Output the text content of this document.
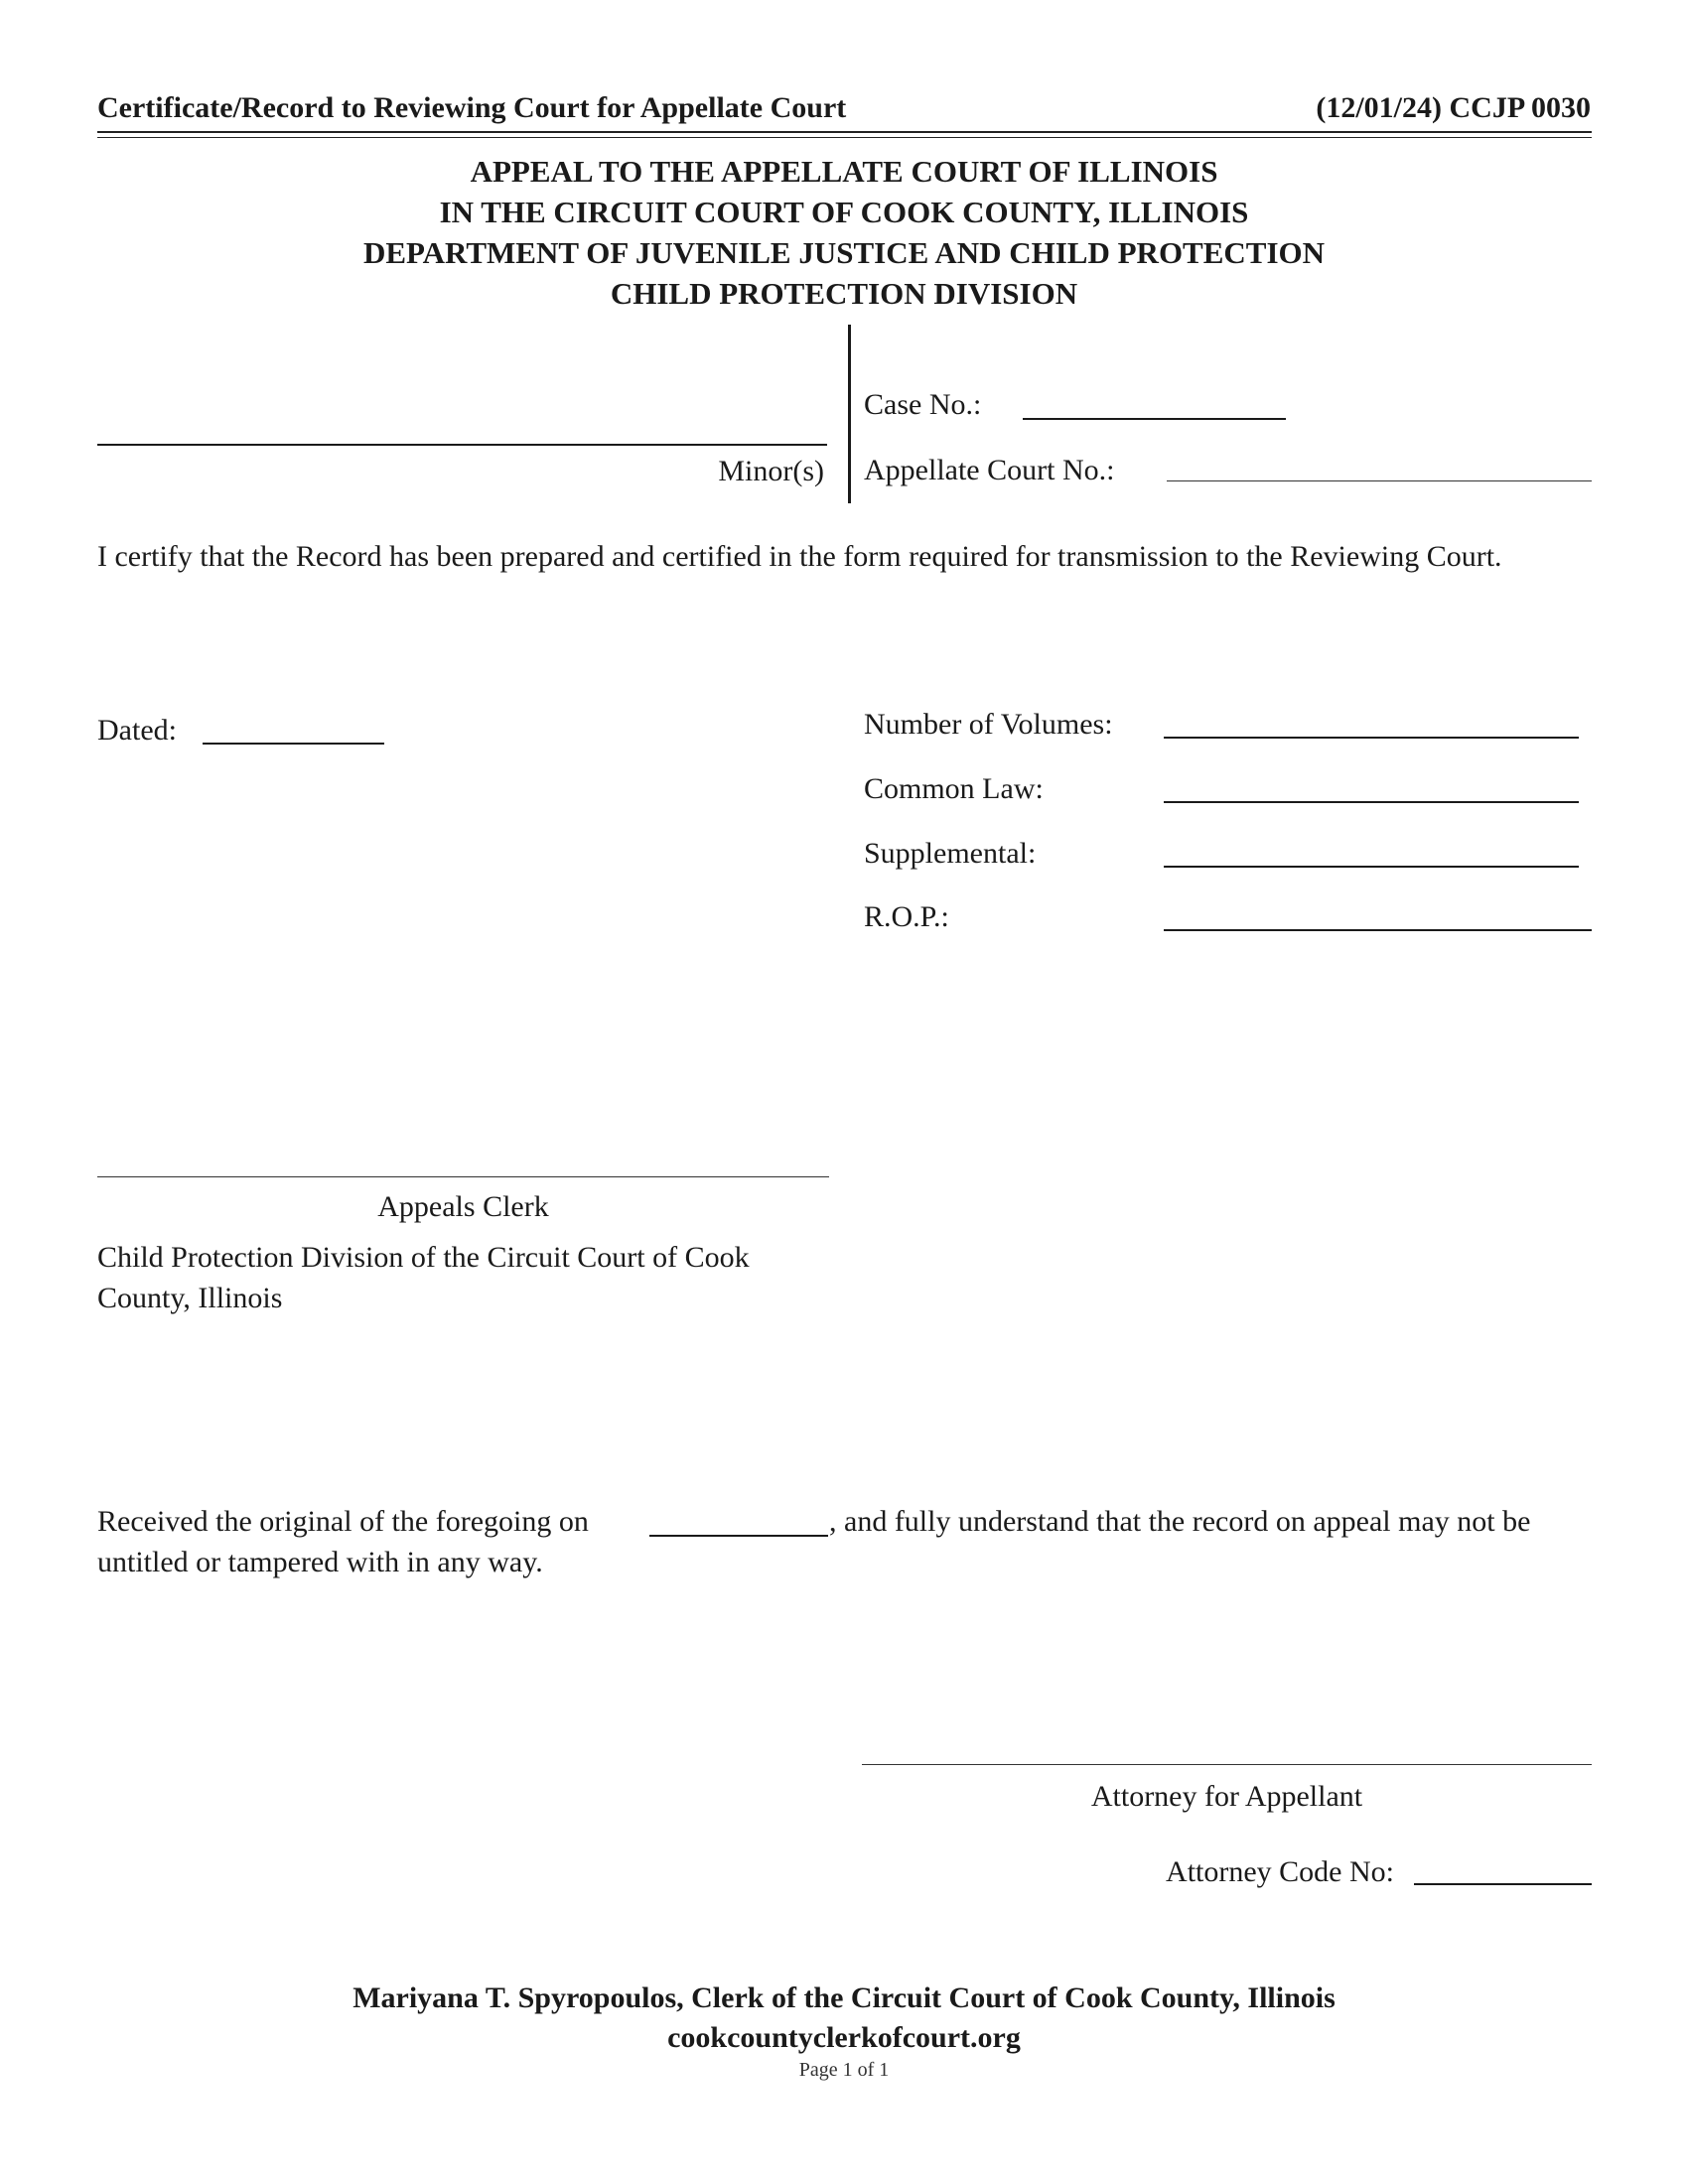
Certificate/Record to Reviewing Court for Appellate Court	(12/01/24) CCJP 0030
APPEAL TO THE APPELLATE COURT OF ILLINOIS
IN THE CIRCUIT COURT OF COOK COUNTY, ILLINOIS
DEPARTMENT OF JUVENILE JUSTICE AND CHILD PROTECTION
CHILD PROTECTION DIVISION
Minor(s)
Case No.:
Appellate Court No.:
I certify that the Record has been prepared and certified in the form required for transmission to the Reviewing Court.
Dated:	Number of Volumes:
Common Law:
Supplemental:
R.O.P.:
Appeals Clerk
Child Protection Division of the Circuit Court of Cook County, Illinois
Received the original of the foregoing on	, and fully understand that the record on appeal may not be
untitled or tampered with in any way.
Attorney for Appellant
Attorney Code No:
Mariyana T. Spyropoulos, Clerk of the Circuit Court of Cook County, Illinois
cookcountyclerkofcourt.org
Page 1 of 1
